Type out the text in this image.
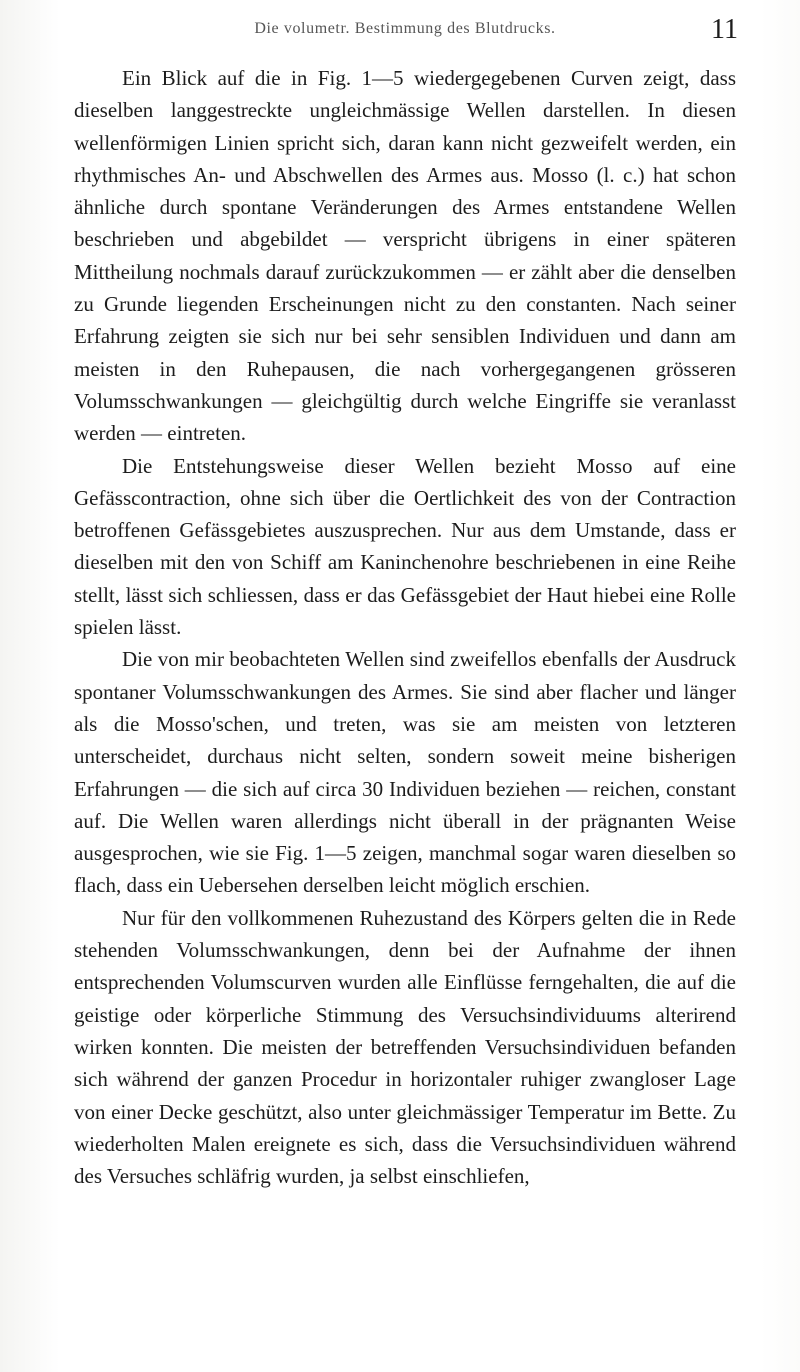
Die volumetr. Bestimmung des Blutdrucks.	11

Ein Blick auf die in Fig. 1—5 wiedergegebenen Curven zeigt, dass dieselben langgestreckte ungleichmässige Wellen darstellen. In diesen wellenförmigen Linien spricht sich, daran kann nicht gezweifelt werden, ein rhythmisches An- und Abschwellen des Armes aus. Mosso (l. c.) hat schon ähnliche durch spontane Veränderungen des Armes entstandene Wellen beschrieben und abgebildet — verspricht übrigens in einer späteren Mittheilung nochmals darauf zurückzukommen — er zählt aber die denselben zu Grunde liegenden Erscheinungen nicht zu den constanten. Nach seiner Erfahrung zeigten sie sich nur bei sehr sensiblen Individuen und dann am meisten in den Ruhepausen, die nach vorhergegangenen grösseren Volumsschwankungen — gleichgültig durch welche Eingriffe sie veranlasst werden — eintreten.

Die Entstehungsweise dieser Wellen bezieht Mosso auf eine Gefässcontraction, ohne sich über die Oertlichkeit des von der Contraction betroffenen Gefässgebietes auszusprechen. Nur aus dem Umstande, dass er dieselben mit den von Schiff am Kaninchenohre beschriebenen in eine Reihe stellt, lässt sich schliessen, dass er das Gefässgebiet der Haut hiebei eine Rolle spielen lässt.

Die von mir beobachteten Wellen sind zweifellos ebenfalls der Ausdruck spontaner Volumsschwankungen des Armes. Sie sind aber flacher und länger als die Mosso'schen, und treten, was sie am meisten von letzteren unterscheidet, durchaus nicht selten, sondern soweit meine bisherigen Erfahrungen — die sich auf circa 30 Individuen beziehen — reichen, constant auf. Die Wellen waren allerdings nicht überall in der prägnanten Weise ausgesprochen, wie sie Fig. 1—5 zeigen, manchmal sogar waren dieselben so flach, dass ein Uebersehen derselben leicht möglich erschien.

Nur für den vollkommenen Ruhezustand des Körpers gelten die in Rede stehenden Volumsschwankungen, denn bei der Aufnahme der ihnen entsprechenden Volumscurven wurden alle Einflüsse ferngehalten, die auf die geistige oder körperliche Stimmung des Versuchsindividuums alterirend wirken konnten. Die meisten der betreffenden Versuchsindividuen befanden sich während der ganzen Procedur in horizontaler ruhiger zwangloser Lage von einer Decke geschützt, also unter gleichmässiger Temperatur im Bette. Zu wiederholten Malen ereignete es sich, dass die Versuchsindividuen während des Versuches schläfrig wurden, ja selbst einschliefen,
